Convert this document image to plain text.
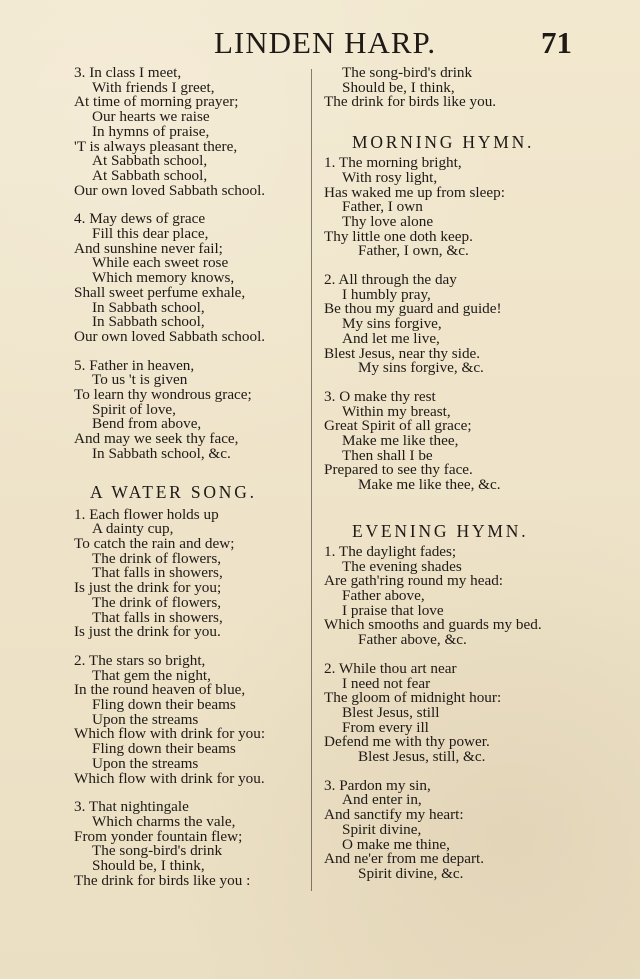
LINDEN HARP.	71
3. In class I meet,
With friends I greet,
At time of morning prayer;
Our hearts we raise
In hymns of praise,
'T is always pleasant there,
At Sabbath school,
At Sabbath school,
Our own loved Sabbath school.
4. May dews of grace
Fill this dear place,
And sunshine never fail;
While each sweet rose
Which memory knows,
Shall sweet perfume exhale,
In Sabbath school,
In Sabbath school,
Our own loved Sabbath school.
5. Father in heaven,
To us 't is given
To learn thy wondrous grace;
Spirit of love,
Bend from above,
And may we seek thy face,
In Sabbath school, &c.
A WATER SONG.
1. Each flower holds up
A dainty cup,
To catch the rain and dew;
The drink of flowers,
That falls in showers,
Is just the drink for you;
The drink of flowers,
That falls in showers,
Is just the drink for you.
2. The stars so bright,
That gem the night,
In the round heaven of blue,
Fling down their beams
Upon the streams
Which flow with drink for you:
Fling down their beams
Upon the streams
Which flow with drink for you.
3. That nightingale
Which charms the vale,
From yonder fountain flew;
The song-bird's drink
Should be, I think,
The drink for birds like you :
The song-bird's drink
Should be, I think,
The drink for birds like you.
MORNING HYMN.
1. The morning bright,
With rosy light,
Has waked me up from sleep:
Father, I own
Thy love alone
Thy little one doth keep.
Father, I own, &c.
2. All through the day
I humbly pray,
Be thou my guard and guide!
My sins forgive,
And let me live,
Blest Jesus, near thy side.
My sins forgive, &c.
3. O make thy rest
Within my breast,
Great Spirit of all grace;
Make me like thee,
Then shall I be
Prepared to see thy face.
Make me like thee, &c.
EVENING HYMN.
1. The daylight fades;
The evening shades
Are gath'ring round my head:
Father above,
I praise that love
Which smooths and guards my bed.
Father above, &c.
2. While thou art near
I need not fear
The gloom of midnight hour:
Blest Jesus, still
From every ill
Defend me with thy power.
Blest Jesus, still, &c.
3. Pardon my sin,
And enter in,
And sanctify my heart:
Spirit divine,
O make me thine,
And ne'er from me depart.
Spirit divine, &c.
